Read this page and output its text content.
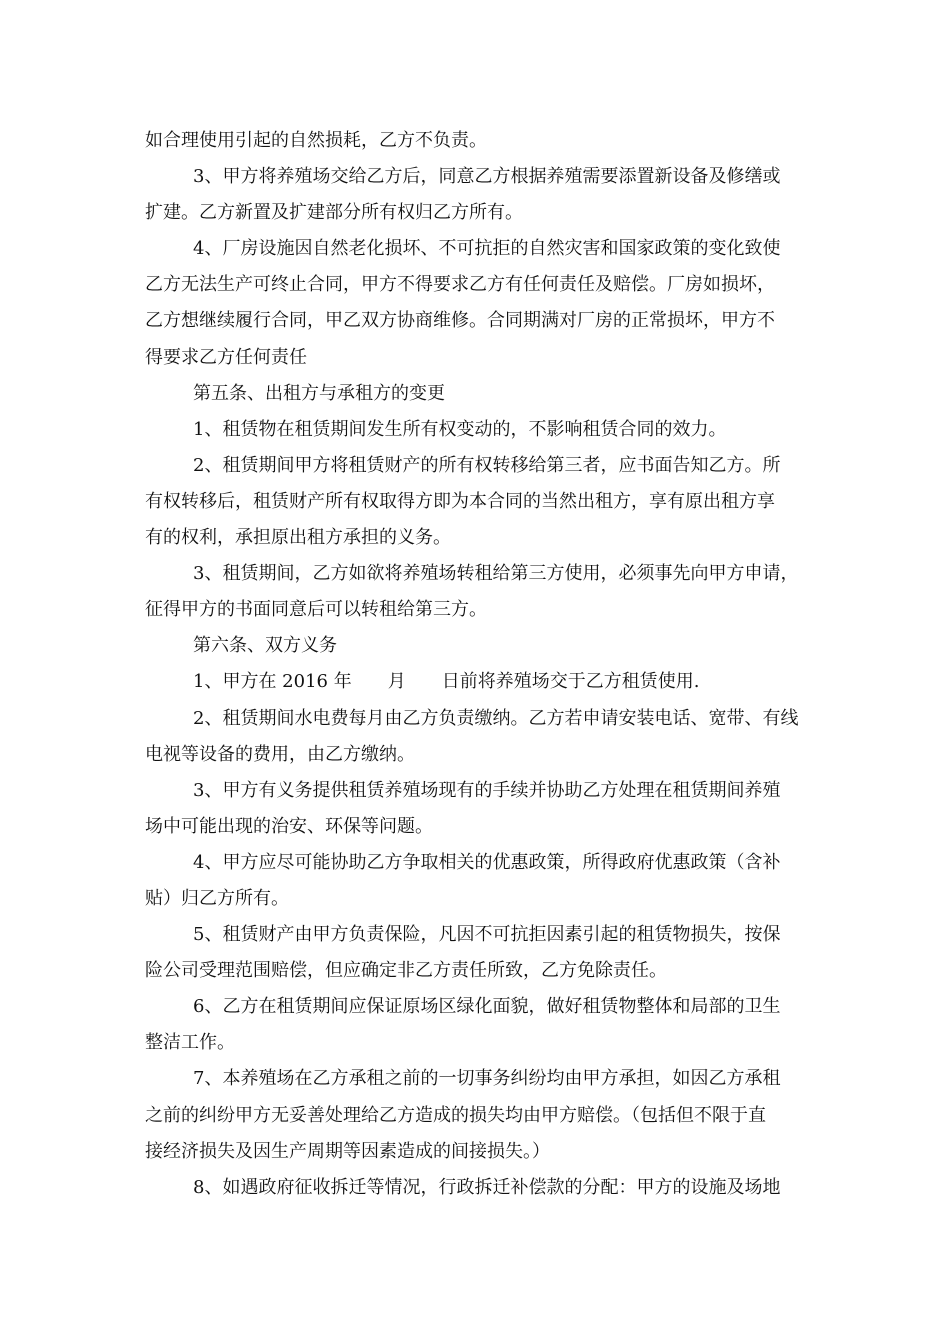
如合理使用引起的自然损耗，乙方不负责。
3、甲方将养殖场交给乙方后，同意乙方根据养殖需要添置新设备及修缮或
扩建。乙方新置及扩建部分所有权归乙方所有。
4、厂房设施因自然老化损坏、不可抗拒的自然灾害和国家政策的变化致使
乙方无法生产可终止合同，甲方不得要求乙方有任何责任及赔偿。厂房如损坏，
乙方想继续履行合同，甲乙双方协商维修。合同期满对厂房的正常损坏，甲方不
得要求乙方任何责任
第五条、出租方与承租方的变更
1、租赁物在租赁期间发生所有权变动的，不影响租赁合同的效力。
2、租赁期间甲方将租赁财产的所有权转移给第三者，应书面告知乙方。所
有权转移后，租赁财产所有权取得方即为本合同的当然出租方，享有原出租方享
有的权利，承担原出租方承担的义务。
3、租赁期间，乙方如欲将养殖场转租给第三方使用，必须事先向甲方申请，
征得甲方的书面同意后可以转租给第三方。
第六条、双方义务
1、甲方在 2016 年　　月　　日前将养殖场交于乙方租赁使用.
2、租赁期间水电费每月由乙方负责缴纳。乙方若申请安装电话、宽带、有线
电视等设备的费用，由乙方缴纳。
3、甲方有义务提供租赁养殖场现有的手续并协助乙方处理在租赁期间养殖
场中可能出现的治安、环保等问题。
4、甲方应尽可能协助乙方争取相关的优惠政策，所得政府优惠政策（含补
贴）归乙方所有。
5、租赁财产由甲方负责保险，凡因不可抗拒因素引起的租赁物损失，按保
险公司受理范围赔偿，但应确定非乙方责任所致，乙方免除责任。
6、乙方在租赁期间应保证原场区绿化面貌，做好租赁物整体和局部的卫生
整洁工作。
7、本养殖场在乙方承租之前的一切事务纠纷均由甲方承担，如因乙方承租
之前的纠纷甲方无妥善处理给乙方造成的损失均由甲方赔偿。（包括但不限于直
接经济损失及因生产周期等因素造成的间接损失。）
8、如遇政府征收拆迁等情况，行政拆迁补偿款的分配：甲方的设施及场地
